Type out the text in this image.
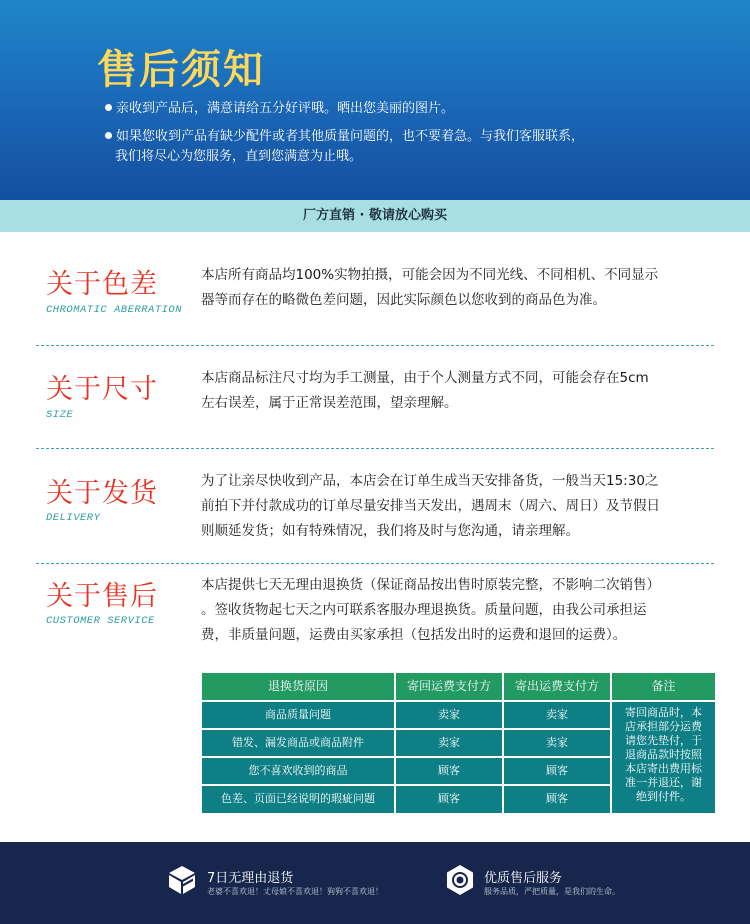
售后须知
亲收到产品后，满意请给五分好评哦。晒出您美丽的图片。
如果您收到产品有缺少配件或者其他质量问题的，也不要着急。与我们客服联系，
我们将尽心为您服务，直到您满意为止哦。
厂方直销 · 敬请放心购买
关于色差
CHROMATIC ABERRATION
本店所有商品均100%实物拍摄，可能会因为不同光线、不同相机、不同显示
器等而存在的略微色差问题，因此实际颜色以您收到的商品色为准。
关于尺寸
SIZE
本店商品标注尺寸均为手工测量，由于个人测量方式不同，可能会存在5cm
左右误差，属于正常误差范围，望亲理解。
关于发货
DELIVERY
为了让亲尽快收到产品，本店会在订单生成当天安排备货，一般当天15:30之
前拍下并付款成功的订单尽量安排当天发出，遇周末（周六、周日）及节假日
则顺延发货；如有特殊情况，我们将及时与您沟通，请亲理解。
关于售后
CUSTOMER SERVICE
本店提供七天无理由退换货（保证商品按出售时原装完整，不影响二次销售）
。签收货物起七天之内可联系客服办理退换货。质量问题，由我公司承担运
费，非质量问题，运费由买家承担（包括发出时的运费和退回的运费）。
退换货原因	寄回运费支付方	寄出运费支付方	备注
商品质量问题	卖家	卖家
错发、漏发商品或商品附件	卖家	卖家
您不喜欢收到的商品	顾客	顾客
色差、页面已经说明的瑕疵问题	顾客	顾客
寄回商品时，本
店承担部分运费
请您先垫付，于
退商品款时按照
本店寄出费用标
准一并退还，谢
绝到付件。
7日无理由退货
老婆不喜欢退！丈母娘不喜欢退！狗狗不喜欢退！
优质售后服务
服务品质，严把质量，是我们的生命。
